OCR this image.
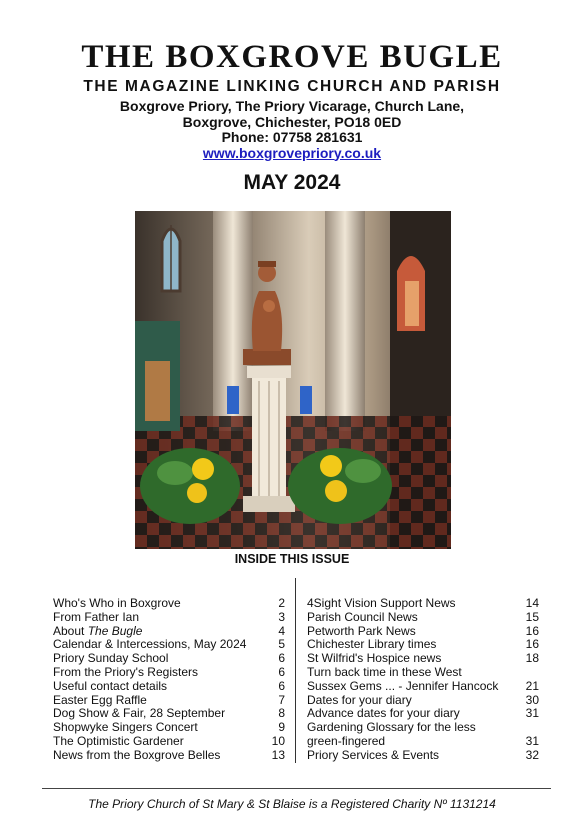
THE BOXGROVE BUGLE
THE MAGAZINE LINKING CHURCH AND PARISH
Boxgrove Priory, The Priory Vicarage, Church Lane,
Boxgrove, Chichester, PO18 0ED
Phone: 07758 281631
www.boxgrovepriory.co.uk
MAY 2024
INSIDE THIS ISSUE
Who's Who in Boxgrove	2
From Father Ian	3
About The Bugle	4
Calendar & Intercessions, May 2024	5
Priory Sunday School	6
From the Priory's Registers	6
Useful contact details	6
Easter Egg Raffle	7
Dog Show & Fair, 28 September	8
Shopwyke Singers Concert	9
The Optimistic Gardener	10
News from the Boxgrove Belles	13
4Sight Vision Support News	14
Parish Council News	15
Petworth Park News	16
Chichester Library times	16
St Wilfrid's Hospice news	18
Turn back time in these West
Sussex Gems ... - Jennifer Hancock 21
Dates for your diary	30
Advance dates for your diary	31
Gardening Glossary for the less
green-fingered	31
Priory Services & Events	32
The Priory Church of St Mary & St Blaise is a Registered Charity Nº 1131214
